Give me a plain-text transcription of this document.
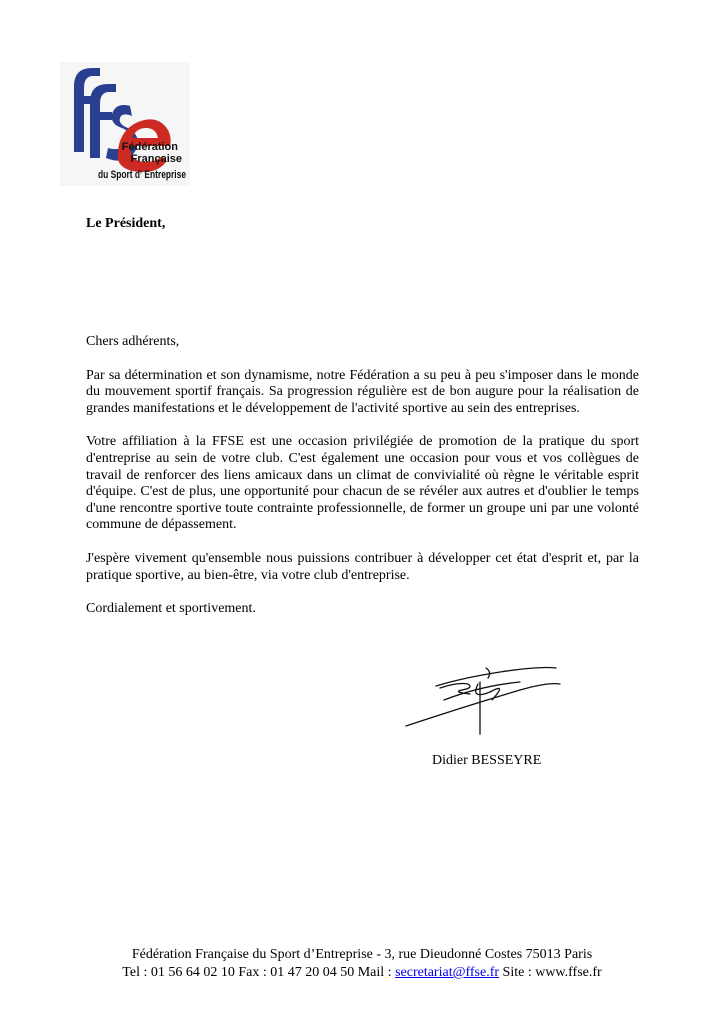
Fédération
Française
du Sport d' Entreprise
Le Président,

Chers adhérents,

Par sa détermination et son dynamisme, notre Fédération a su peu à peu s'imposer dans le monde du mouvement sportif français. Sa progression régulière est de bon augure pour la réalisation de grandes manifestations et le développement de l'activité sportive au sein des entreprises.

Votre affiliation à la FFSE est une occasion privilégiée de promotion de la pratique du sport d'entreprise au sein de votre club. C'est également une occasion pour vous et vos collègues de travail de renforcer des liens amicaux dans un climat de convivialité où règne le véritable esprit d'équipe. C'est de plus, une opportunité pour chacun de se révéler aux autres et d'oublier le temps d'une rencontre sportive toute contrainte professionnelle, de former un groupe uni par une volonté commune de dépassement.

J'espère vivement qu'ensemble nous puissions contribuer à développer cet état d'esprit et, par la pratique sportive, au bien-être, via votre club d'entreprise.

Cordialement et sportivement.

Didier BESSEYRE
Fédération Française du Sport d’Entreprise - 3, rue Dieudonné Costes 75013 Paris
Tel : 01 56 64 02 10 Fax : 01 47 20 04 50 Mail : secretariat@ffse.fr Site : www.ffse.fr
